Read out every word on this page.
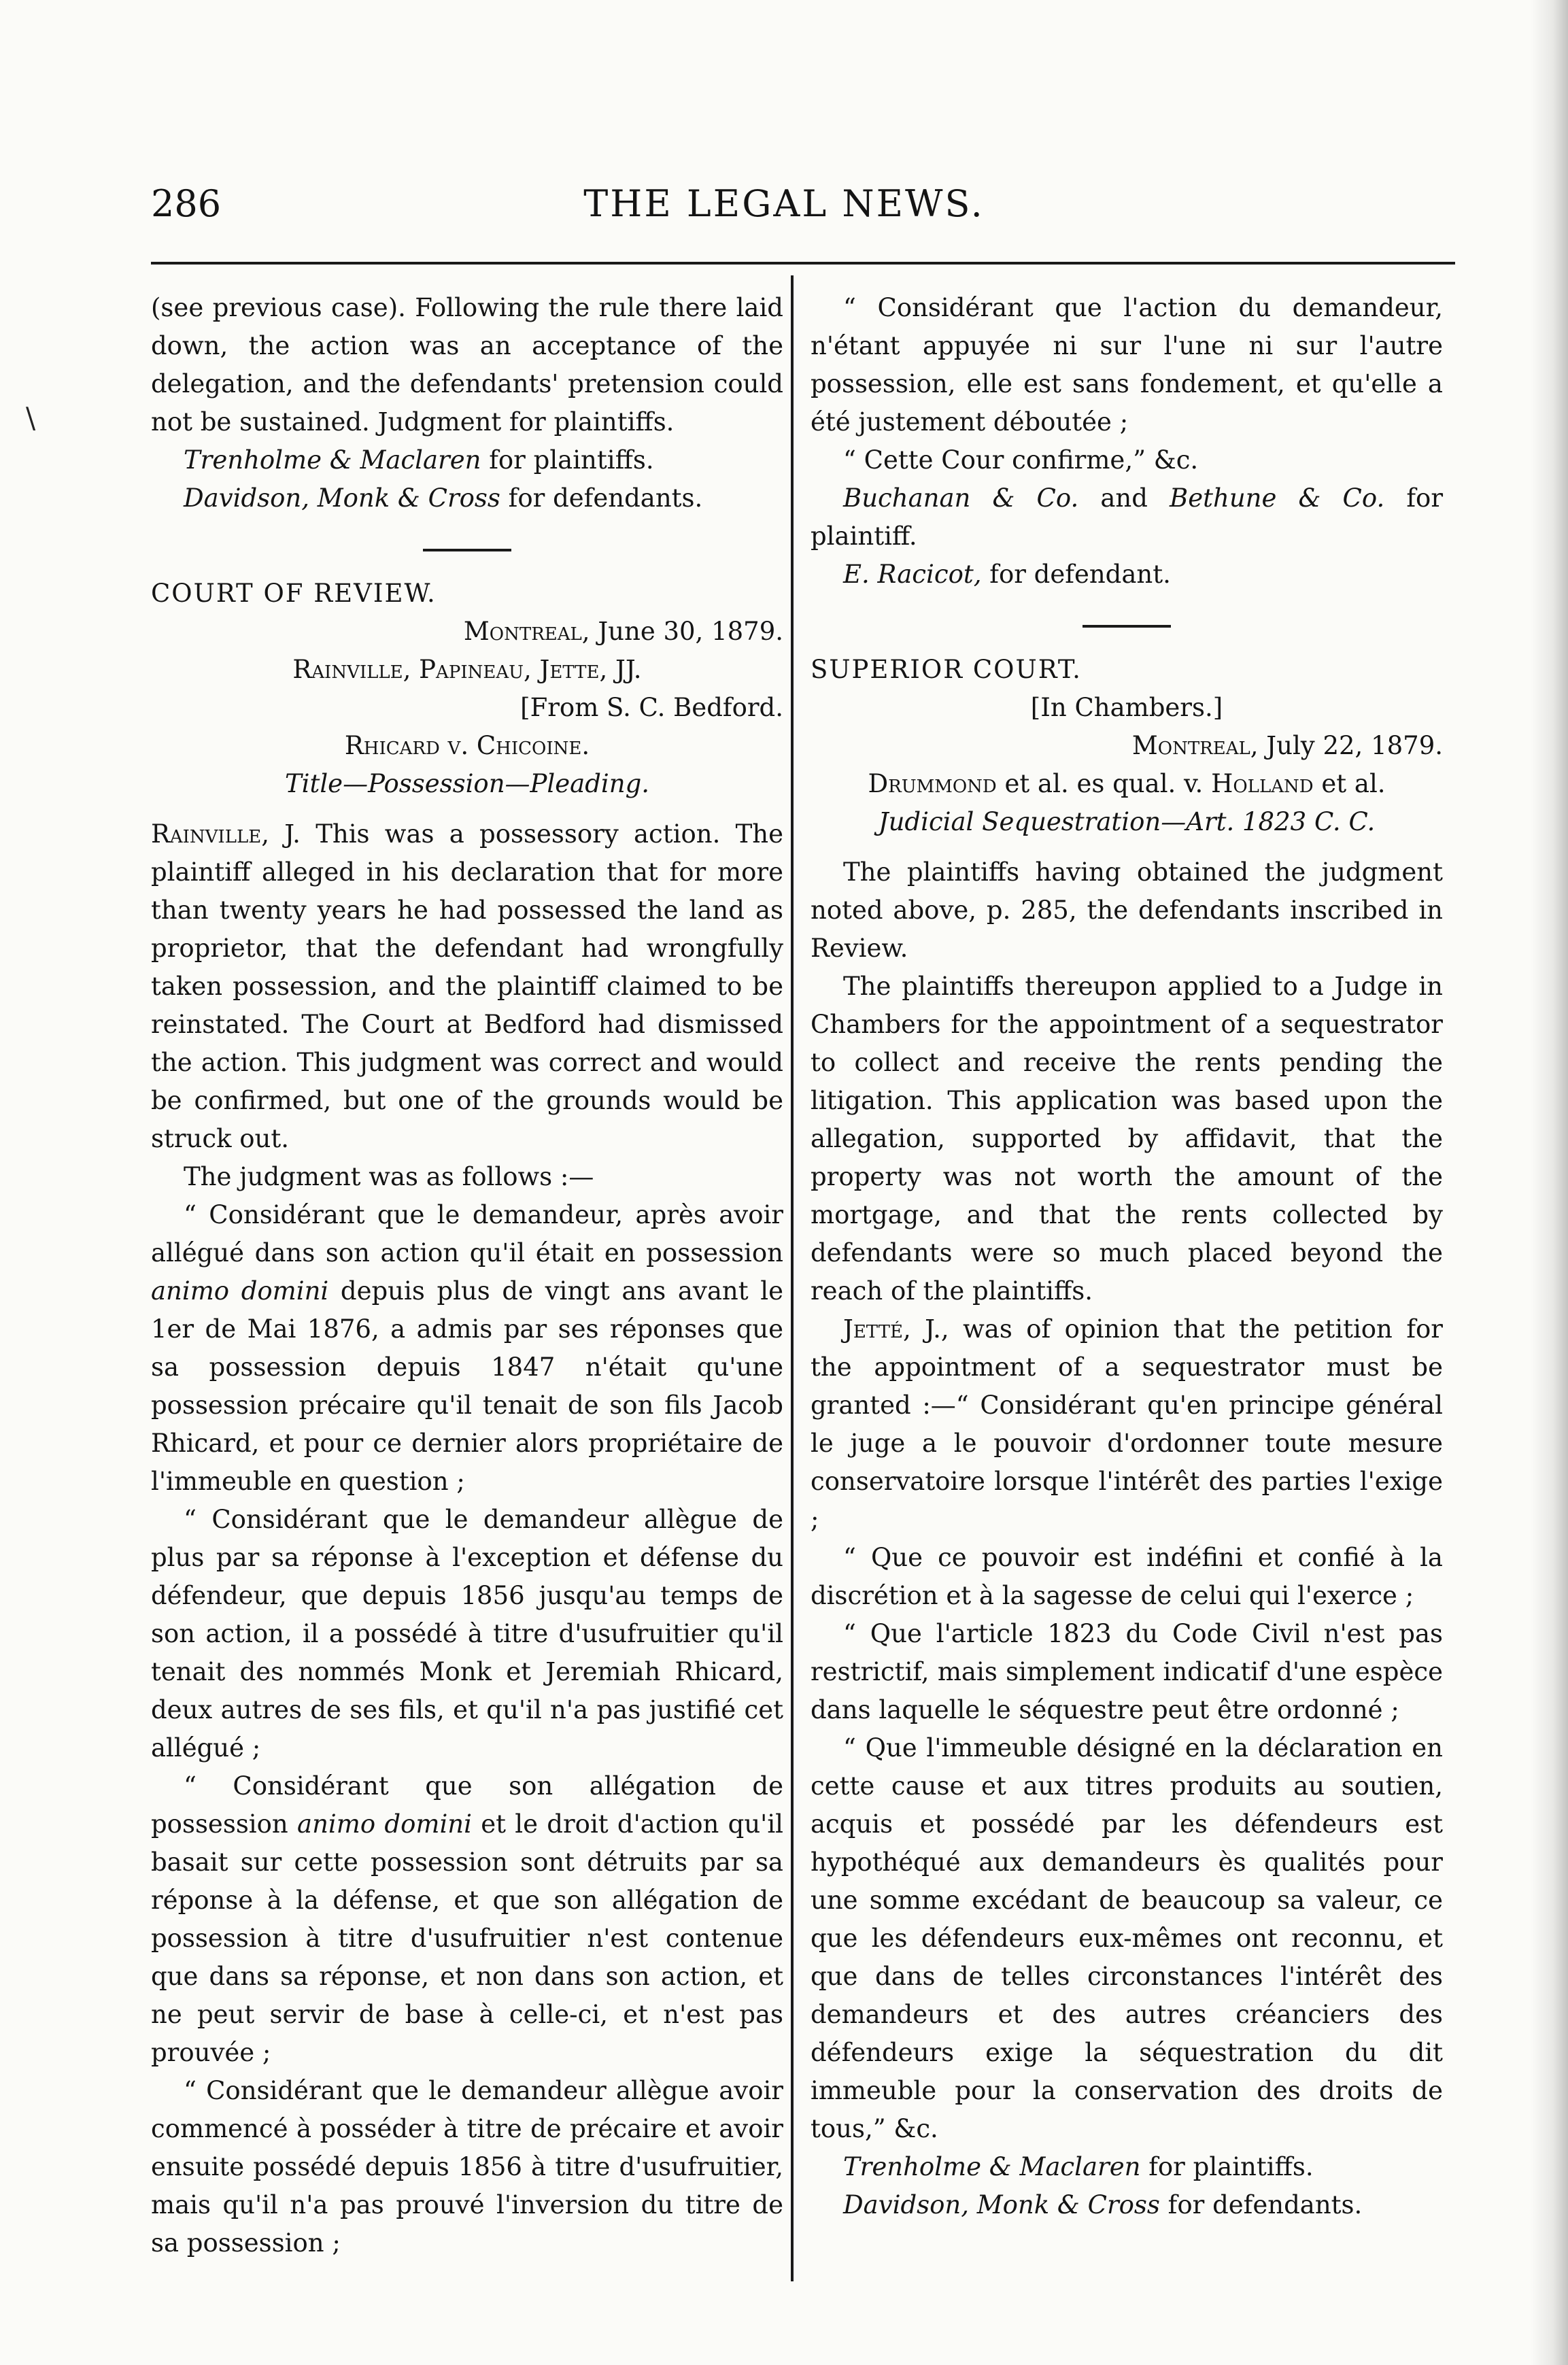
286	THE LEGAL NEWS.
\

(see previous case). Following the rule there laid down, the action was an acceptance of the delegation, and the defendants' pretension could not be sustained. Judgment for plaintiffs.

Trenholme & Maclaren for plaintiffs.

Davidson, Monk & Cross for defendants.

COURT OF REVIEW.

Montreal, June 30, 1879.

Rainville, Papineau, Jette, JJ.

[From S. C. Bedford.

Rhicard v. Chicoine.

Title—Possession—Pleading.

Rainville, J. This was a possessory action. The plaintiff alleged in his declaration that for more than twenty years he had possessed the land as proprietor, that the defendant had wrongfully taken possession, and the plaintiff claimed to be reinstated. The Court at Bedford had dismissed the action. This judgment was correct and would be confirmed, but one of the grounds would be struck out.

The judgment was as follows :—

“ Considérant que le demandeur, après avoir allégué dans son action qu'il était en possession animo domini depuis plus de vingt ans avant le 1er de Mai 1876, a admis par ses réponses que sa possession depuis 1847 n'était qu'une possession précaire qu'il tenait de son fils Jacob Rhicard, et pour ce dernier alors propriétaire de l'immeuble en question ;

“ Considérant que le demandeur allègue de plus par sa réponse à l'exception et défense du défendeur, que depuis 1856 jusqu'au temps de son action, il a possédé à titre d'usufruitier qu'il tenait des nommés Monk et Jeremiah Rhicard, deux autres de ses fils, et qu'il n'a pas justifié cet allégué ;

“ Considérant que son allégation de possession animo domini et le droit d'action qu'il basait sur cette possession sont détruits par sa réponse à la défense, et que son allégation de possession à titre d'usufruitier n'est contenue que dans sa réponse, et non dans son action, et ne peut servir de base à celle-ci, et n'est pas prouvée ;

“ Considérant que le demandeur allègue avoir commencé à posséder à titre de précaire et avoir ensuite possédé depuis 1856 à titre d'usufruitier, mais qu'il n'a pas prouvé l'inversion du titre de sa possession ;

“ Considérant que l'action du demandeur, n'étant appuyée ni sur l'une ni sur l'autre possession, elle est sans fondement, et qu'elle a été justement déboutée ;

“ Cette Cour confirme,” &c.

Buchanan & Co. and Bethune & Co. for plaintiff.

E. Racicot, for defendant.

SUPERIOR COURT.

[In Chambers.]

Montreal, July 22, 1879.

Drummond et al. es qual. v. Holland et al.

Judicial Sequestration—Art. 1823 C. C.

The plaintiffs having obtained the judgment noted above, p. 285, the defendants inscribed in Review.

The plaintiffs thereupon applied to a Judge in Chambers for the appointment of a sequestrator to collect and receive the rents pending the litigation. This application was based upon the allegation, supported by affidavit, that the property was not worth the amount of the mortgage, and that the rents collected by defendants were so much placed beyond the reach of the plaintiffs.

Jetté, J., was of opinion that the petition for the appointment of a sequestrator must be granted :—“ Considérant qu'en principe général le juge a le pouvoir d'ordonner toute mesure conservatoire lorsque l'intérêt des parties l'exige ;

“ Que ce pouvoir est indéfini et confié à la discrétion et à la sagesse de celui qui l'exerce ;

“ Que l'article 1823 du Code Civil n'est pas restrictif, mais simplement indicatif d'une espèce dans laquelle le séquestre peut être ordonné ;

“ Que l'immeuble désigné en la déclaration en cette cause et aux titres produits au soutien, acquis et possédé par les défendeurs est hypothéqué aux demandeurs ès qualités pour une somme excédant de beaucoup sa valeur, ce que les défendeurs eux-mêmes ont reconnu, et que dans de telles circonstances l'intérêt des demandeurs et des autres créanciers des défendeurs exige la séquestration du dit immeuble pour la conservation des droits de tous,” &c.

Trenholme & Maclaren for plaintiffs.

Davidson, Monk & Cross for defendants.
